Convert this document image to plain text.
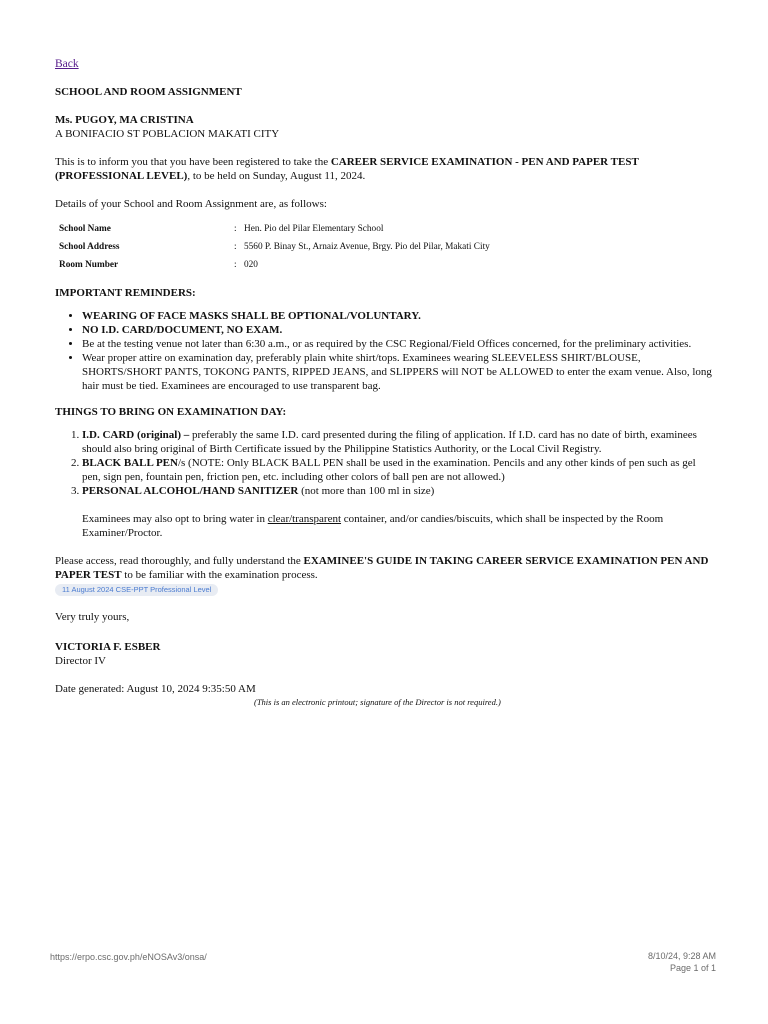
Back

SCHOOL AND ROOM ASSIGNMENT

Ms. PUGOY, MA CRISTINA

A BONIFACIO ST POBLACION MAKATI CITY

This is to inform you that you have been registered to take the CAREER SERVICE EXAMINATION - PEN AND PAPER TEST (PROFESSIONAL LEVEL), to be held on Sunday, August 11, 2024.

Details of your School and Room Assignment are, as follows:

School Name	:	Hen. Pio del Pilar Elementary School
School Address	:	5560 P. Binay St., Arnaiz Avenue, Brgy. Pio del Pilar, Makati City
Room Number	:	020

IMPORTANT REMINDERS:

• WEARING OF FACE MASKS SHALL BE OPTIONAL/VOLUNTARY.
• NO I.D. CARD/DOCUMENT, NO EXAM.
• Be at the testing venue not later than 6:30 a.m., or as required by the CSC Regional/Field Offices concerned, for the preliminary activities.
• Wear proper attire on examination day, preferably plain white shirt/tops. Examinees wearing SLEEVELESS SHIRT/BLOUSE, SHORTS/SHORT PANTS, TOKONG PANTS, RIPPED JEANS, and SLIPPERS will NOT be ALLOWED to enter the exam venue. Also, long hair must be tied. Examinees are encouraged to use transparent bag.

THINGS TO BRING ON EXAMINATION DAY:

1. I.D. CARD (original) – preferably the same I.D. card presented during the filing of application. If I.D. card has no date of birth, examinees should also bring original of Birth Certificate issued by the Philippine Statistics Authority, or the Local Civil Registry.
2. BLACK BALL PEN/s (NOTE: Only BLACK BALL PEN shall be used in the examination. Pencils and any other kinds of pen such as gel pen, sign pen, fountain pen, friction pen, etc. including other colors of ball pen are not allowed.)
3. PERSONAL ALCOHOL/HAND SANITIZER (not more than 100 ml in size)

Examinees may also opt to bring water in clear/transparent container, and/or candies/biscuits, which shall be inspected by the Room Examiner/Proctor.

Please access, read thoroughly, and fully understand the EXAMINEE'S GUIDE IN TAKING CAREER SERVICE EXAMINATION PEN AND PAPER TEST to be familiar with the examination process.

11 August 2024 CSE-PPT Professional Level

Very truly yours,

VICTORIA F. ESBER

Director IV

Date generated: August 10, 2024 9:35:50 AM

(This is an electronic printout; signature of the Director is not required.)

https://erpo.csc.gov.ph/eNOSAv3/onsa/	8/10/24, 9:28 AM
Page 1 of 1
